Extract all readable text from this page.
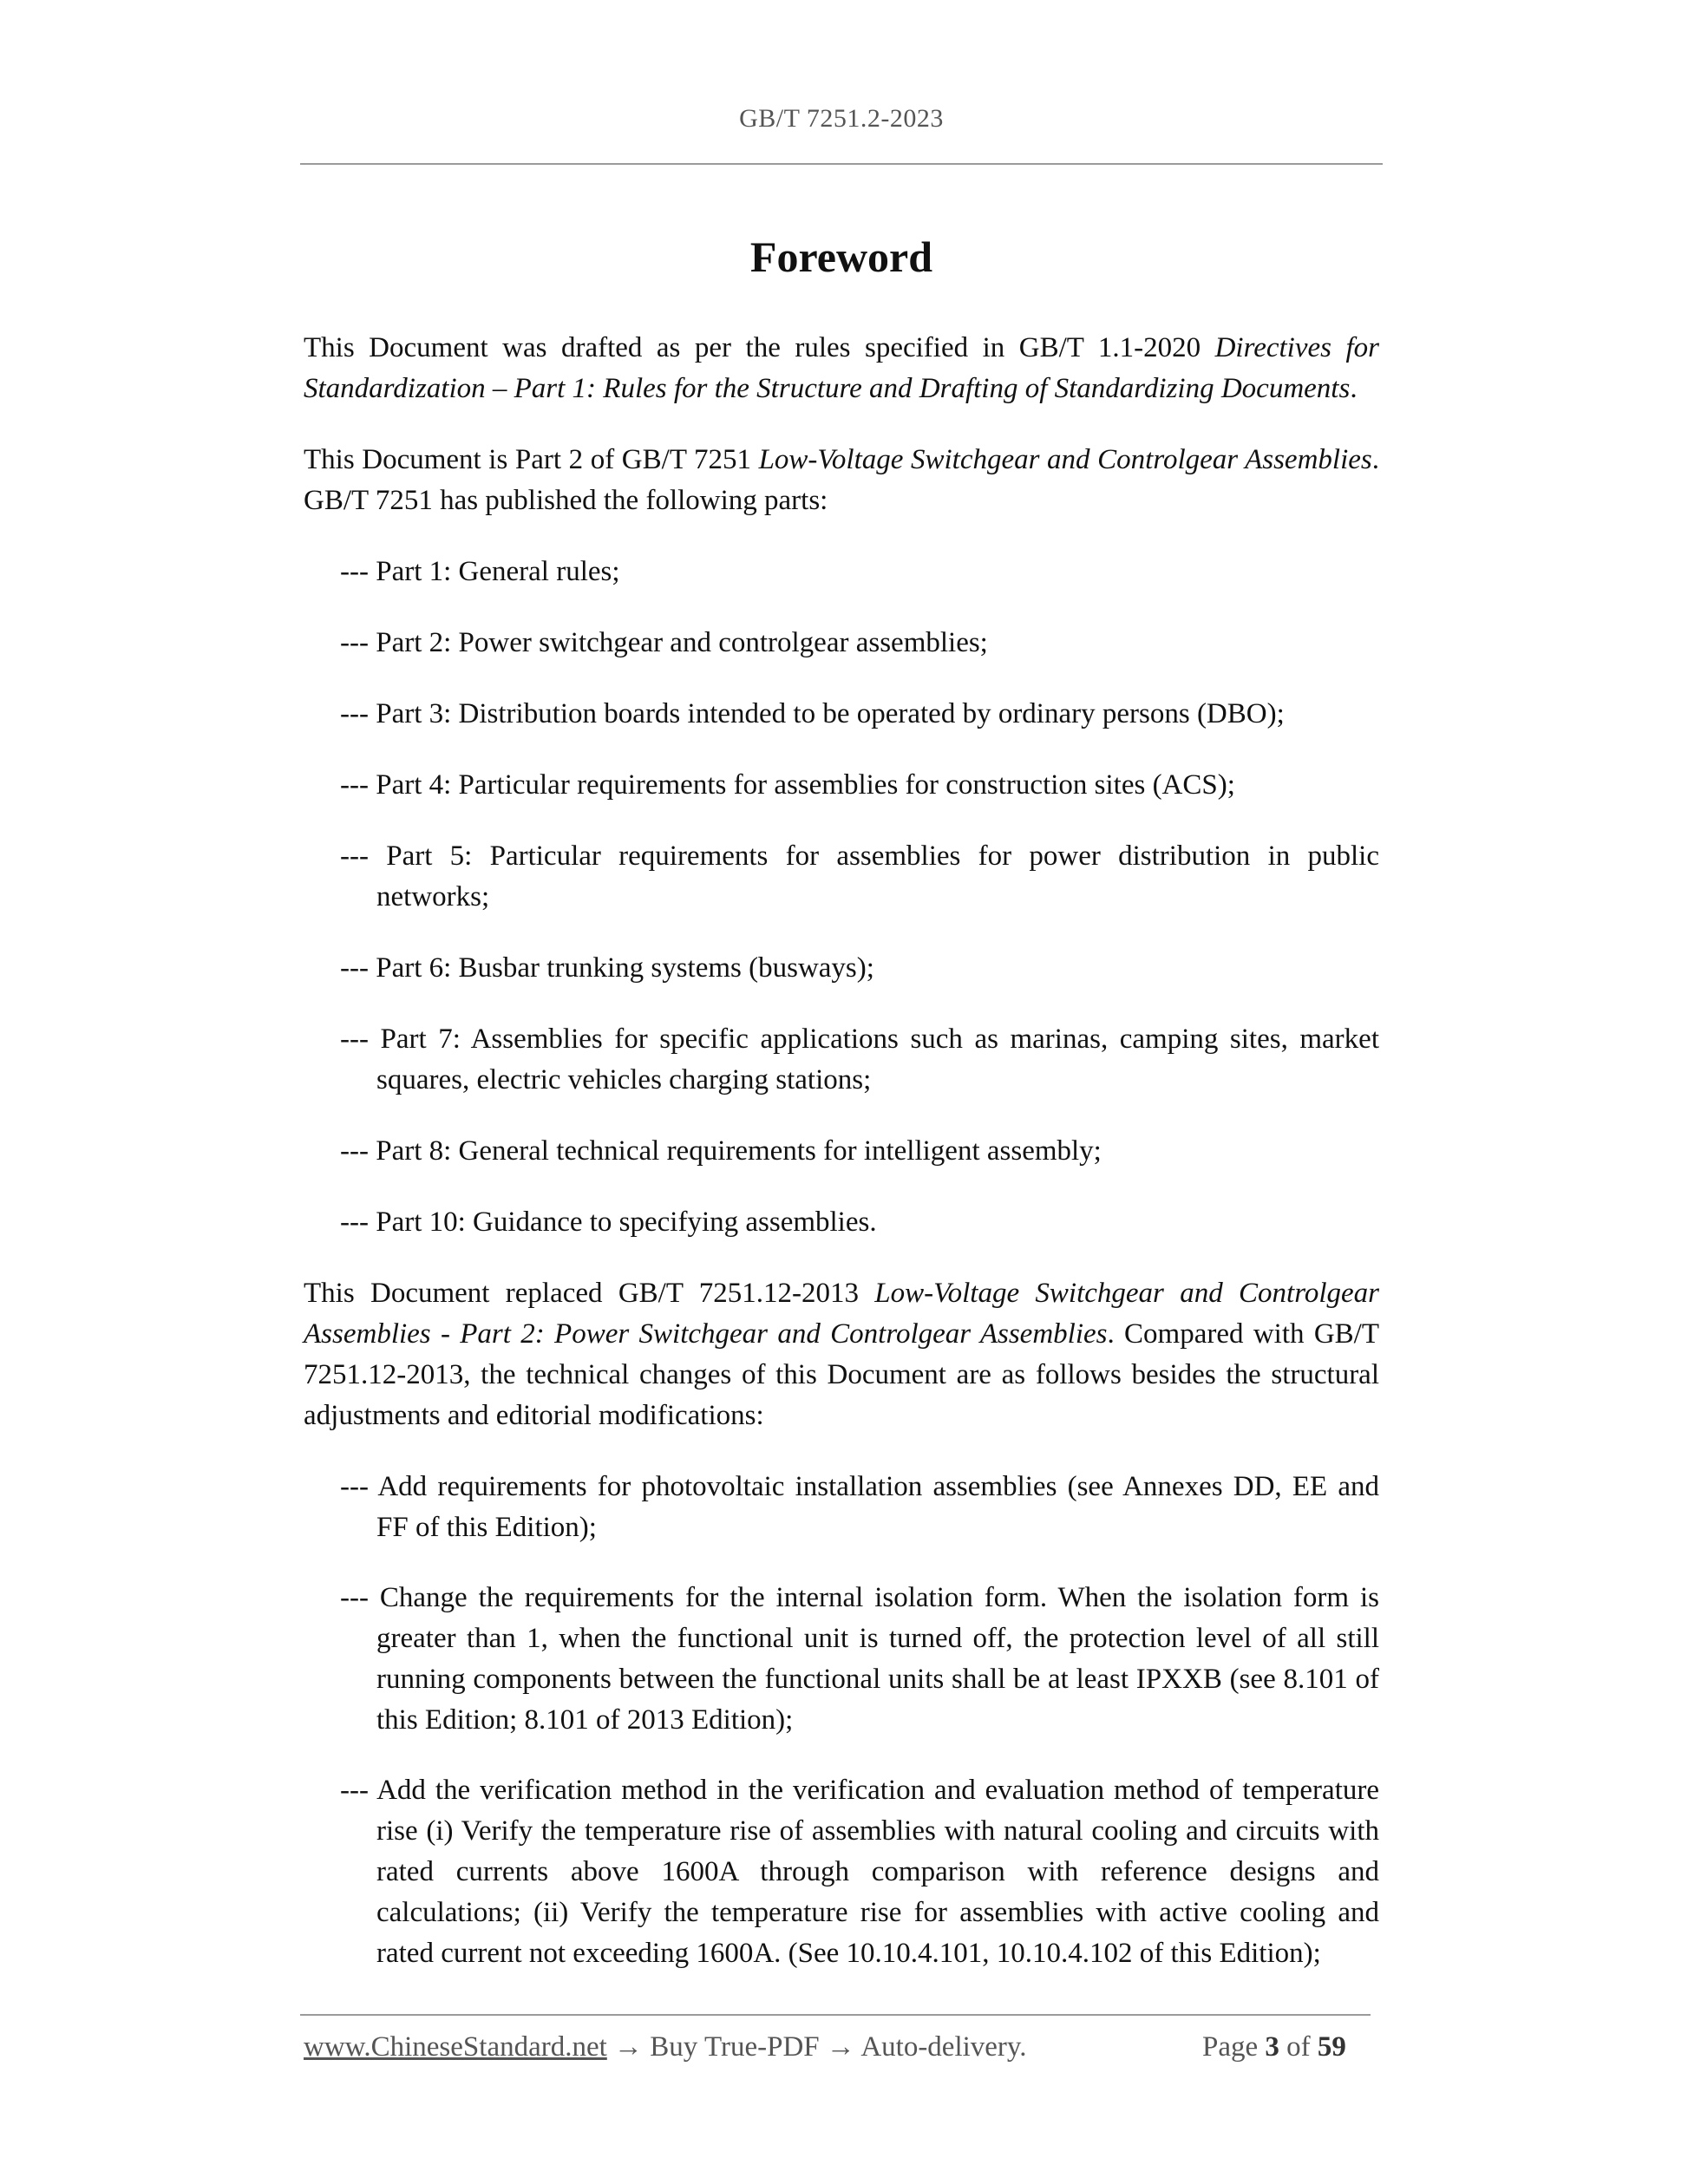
GB/T 7251.2-2023
Foreword

This Document was drafted as per the rules specified in GB/T 1.1-2020 Directives for Standardization – Part 1: Rules for the Structure and Drafting of Standardizing Documents.

This Document is Part 2 of GB/T 7251 Low-Voltage Switchgear and Controlgear Assemblies. GB/T 7251 has published the following parts:

--- Part 1: General rules;
--- Part 2: Power switchgear and controlgear assemblies;
--- Part 3: Distribution boards intended to be operated by ordinary persons (DBO);
--- Part 4: Particular requirements for assemblies for construction sites (ACS);
--- Part 5: Particular requirements for assemblies for power distribution in public networks;
--- Part 6: Busbar trunking systems (busways);
--- Part 7: Assemblies for specific applications such as marinas, camping sites, market squares, electric vehicles charging stations;
--- Part 8: General technical requirements for intelligent assembly;
--- Part 10: Guidance to specifying assemblies.

This Document replaced GB/T 7251.12-2013 Low-Voltage Switchgear and Controlgear Assemblies - Part 2: Power Switchgear and Controlgear Assemblies. Compared with GB/T 7251.12-2013, the technical changes of this Document are as follows besides the structural adjustments and editorial modifications:

--- Add requirements for photovoltaic installation assemblies (see Annexes DD, EE and FF of this Edition);
--- Change the requirements for the internal isolation form. When the isolation form is greater than 1, when the functional unit is turned off, the protection level of all still running components between the functional units shall be at least IPXXB (see 8.101 of this Edition; 8.101 of 2013 Edition);
--- Add the verification method in the verification and evaluation method of temperature rise (i) Verify the temperature rise of assemblies with natural cooling and circuits with rated currents above 1600A through comparison with reference designs and calculations; (ii) Verify the temperature rise for assemblies with active cooling and rated current not exceeding 1600A. (See 10.10.4.101, 10.10.4.102 of this Edition);
www.ChineseStandard.net → Buy True-PDF → Auto-delivery.	Page 3 of 59
